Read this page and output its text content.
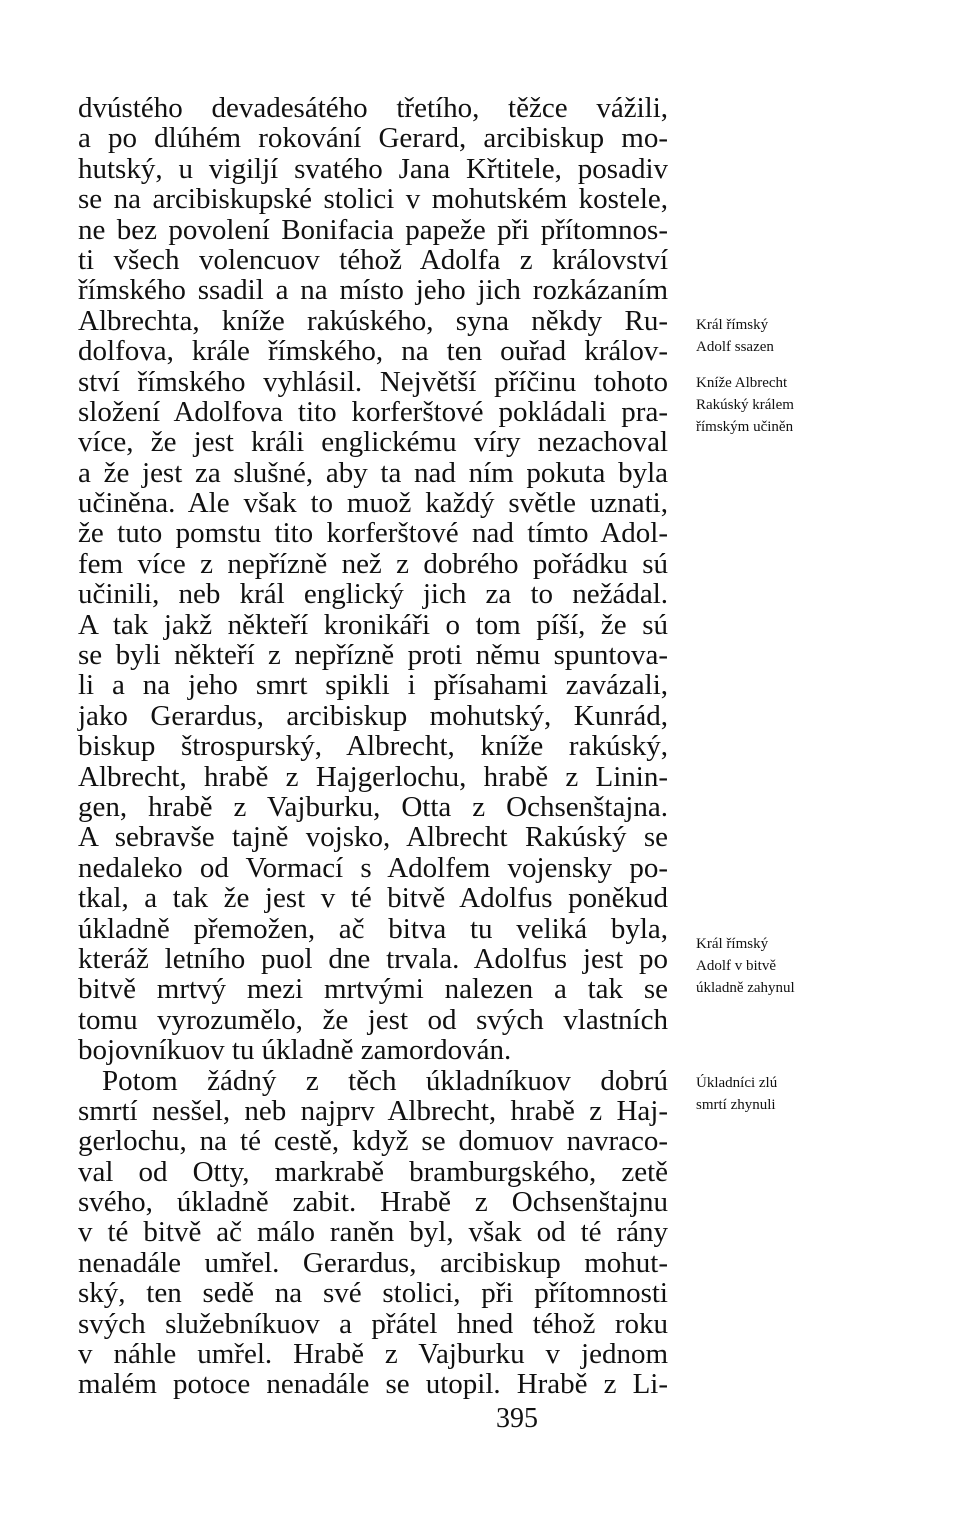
dvústého devadesátého třetího, těžce vážili,
a po dlúhém rokování Gerard, arcibiskup mo-
hutský, u vigiljí svatého Jana Křtitele, posadiv
se na arcibiskupské stolici v mohutském kostele,
ne bez povolení Bonifacia papeže při přítomnos-
ti všech volencuov téhož Adolfa z království
římského ssadil a na místo jeho jich rozkázaním
Albrechta, kníže rakúského, syna někdy Ru-
dolfova, krále římského, na ten ouřad králov-
ství římského vyhlásil. Největší příčinu tohoto
složení Adolfova tito korferštové pokládali pra-
více, že jest králi englickému víry nezachoval
a že jest za slušné, aby ta nad ním pokuta byla
učiněna. Ale však to muož každý světle uznati,
že tuto pomstu tito korferštové nad tímto Adol-
fem více z nepřízně než z dobrého pořádku sú
učinili, neb král englický jich za to nežádal.
A tak jakž někteří kronikáři o tom píší, že sú
se byli někteří z nepřízně proti němu spuntova-
li a na jeho smrt spikli i přísahami zavázali,
jako Gerardus, arcibiskup mohutský, Kunrád,
biskup štrospurský, Albrecht, kníže rakúský,
Albrecht, hrabě z Hajgerlochu, hrabě z Linin-
gen, hrabě z Vajburku, Otta z Ochsenštajna.
A sebravše tajně vojsko, Albrecht Rakúský se
nedaleko od Vormací s Adolfem vojensky po-
tkal, a tak že jest v té bitvě Adolfus poněkud
úkladně přemožen, ač bitva tu veliká byla,
kteráž letního puol dne trvala. Adolfus jest po
bitvě mrtvý mezi mrtvými nalezen a tak se
tomu vyrozumělo, že jest od svých vlastních
bojovníkuov tu úkladně zamordován.
Potom žádný z těch úkladníkuov dobrú
smrtí nesšel, neb najprv Albrecht, hrabě z Haj-
gerlochu, na té cestě, když se domuov navraco-
val od Otty, markrabě bramburgského, zetě
svého, úkladně zabit. Hrabě z Ochsenštajnu
v té bitvě ač málo raněn byl, však od té rány
nenadále umřel. Gerardus, arcibiskup mohut-
ský, ten sedě na své stolici, při přítomnosti
svých služebníkuov a přátel hned téhož roku
v náhle umřel. Hrabě z Vajburku v jednom
malém potoce nenadále se utopil. Hrabě z Li-
Král římský
Adolf ssazen
Kníže Albrecht
Rakúský králem
římským učiněn
Král římský
Adolf v bitvě
úkladně zahynul
Úkladníci zlú
smrtí zhynuli
395
